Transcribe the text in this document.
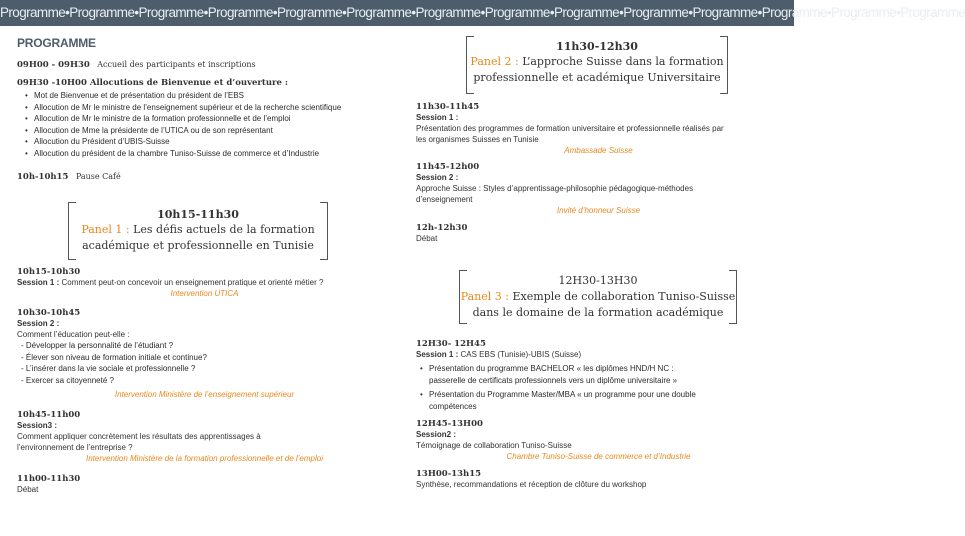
Programme•Programme•Programme•Programme•Programme•Programme•Programme•Programme•Programme•Programme•Programme•Programme•Programme•Programme
PROGRAMME
09H00 - 09H30 Accueil des participants et inscriptions
09H30 -10H00 Allocutions de Bienvenue et d’ouverture :
• Mot de Bienvenue et de présentation du président de l’EBS
• Allocution de Mr le ministre de l’enseignement supérieur et de la recherche scientifique
• Allocution de Mr le ministre de la formation professionnelle et de l’emploi
• Allocution de Mme la présidente de l’UTICA ou de son représentant
• Allocution du Président d’UBIS-Suisse
• Allocution du président de la chambre Tuniso-Suisse de commerce et d’Industrie
10h-10h15 Pause Café
10h15-11h30
Panel 1 : Les défis actuels de la formation
académique et professionnelle en Tunisie
10h15-10h30
Session 1 : Comment peut-on concevoir un enseignement pratique et orienté métier ?
Intervention UTICA
10h30-10h45
Session 2 :
Comment l’éducation peut-elle :
- Développer la personnalité de l’étudiant ?
- Élever son niveau de formation initiale et continue?
- L’insérer dans la vie sociale et professionnelle ?
- Exercer sa citoyenneté ?
Intervention Ministère de l’enseignement supérieur
10h45-11h00
Session3 :
Comment appliquer concrètement les résultats des apprentissages à
l’environnement de l’entreprise ?
Intervention Ministère de la formation professionnelle et de l’emploi
11h00-11h30
Débat
11h30-12h30
Panel 2 : L’approche Suisse dans la formation
professionnelle et académique Universitaire
11h30-11h45
Session 1 :
Présentation des programmes de formation universitaire et professionnelle réalisés par
les organismes Suisses en Tunisie
Ambassade Suisse
11h45-12h00
Session 2 :
Approche Suisse : Styles d’apprentissage-philosophie pédagogique-méthodes
d’enseignement
Invité d’honneur Suisse
12h-12h30
Débat
12H30-13H30
Panel 3 : Exemple de collaboration Tuniso-Suisse
dans le domaine de la formation académique
12H30- 12H45
Session 1 : CAS EBS (Tunisie)-UBIS (Suisse)
• Présentation du programme BACHELOR « les diplômes HND/H NC :
passerelle de certificats professionnels vers un diplôme universitaire »
• Présentation du Programme Master/MBA « un programme pour une double
compétences
12H45-13H00
Session2 :
Témoignage de collaboration Tuniso-Suisse
Chambre Tuniso-Suisse de commerce et d’Industrie
13H00-13h15
Synthèse, recommandations et réception de clôture du workshop
